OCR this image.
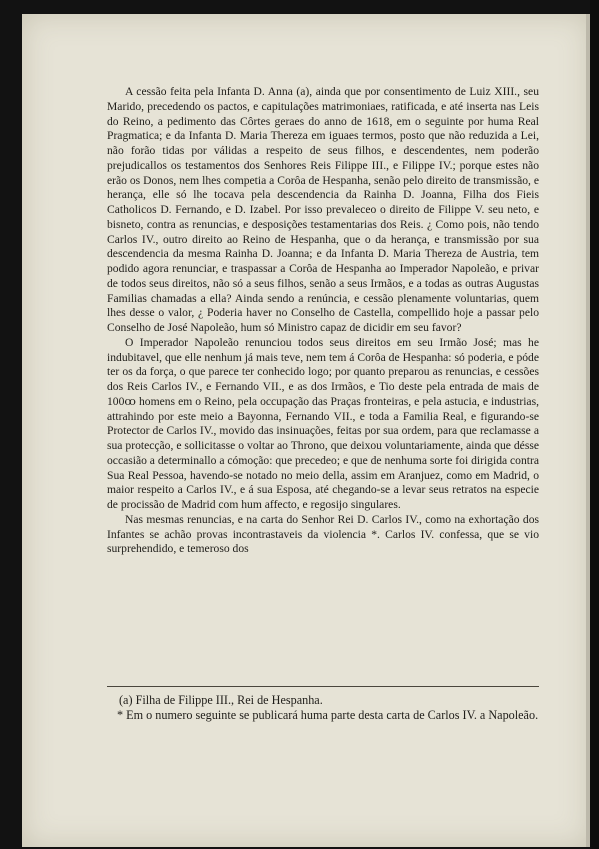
A cessão feita pela Infanta D. Anna (a), ainda que por consentimento de Luiz XIII., seu Marido, precedendo os pactos, e capitulações matrimoniaes, ratificada, e até inserta nas Leis do Reino, a pedimento das Côrtes geraes do anno de 1618, em o seguinte por huma Real Pragmatica; e da Infanta D. Maria Thereza em iguaes termos, posto que não reduzida a Lei, não forão tidas por válidas a respeito de seus filhos, e descendentes, nem poderão prejudicallos os testamentos dos Senhores Reis Filippe III., e Filippe IV.; porque estes não erão os Donos, nem lhes competia a Corôa de Hespanha, senão pelo direito de transmissão, e herança, elle só lhe tocava pela descendencia da Rainha D. Joanna, Filha dos Fieis Catholicos D. Fernando, e D. Izabel. Por isso prevaleceo o direito de Filippe V. seu neto, e bisneto, contra as renuncias, e desposições testamentarias dos Reis. ¿ Como pois, não tendo Carlos IV., outro direito ao Reino de Hespanha, que o da herança, e transmissão por sua descendencia da mesma Rainha D. Joanna; e da Infanta D. Maria Thereza de Austria, tem podido agora renunciar, e traspassar a Corôa de Hespanha ao Imperador Napoleão, e privar de todos seus direitos, não só a seus filhos, senão a seus Irmãos, e a todas as outras Augustas Familias chamadas a ella? Ainda sendo a renúncia, e cessão plenamente voluntarias, quem lhes desse o valor, ¿ Poderia haver no Conselho de Castella, compellido hoje a passar pelo Conselho de José Napoleão, hum só Ministro capaz de dicidir em seu favor?

O Imperador Napoleão renunciou todos seus direitos em seu Irmão José; mas he indubitavel, que elle nenhum já mais teve, nem tem á Corôa de Hespanha: só poderia, e póde ter os da força, o que parece ter conhecido logo; por quanto preparou as renuncias, e cessões dos Reis Carlos IV., e Fernando VII., e as dos Irmãos, e Tio deste pela entrada de mais de 100ꝏ homens em o Reino, pela occupação das Praças fronteiras, e pela astucia, e industrias, attrahindo por este meio a Bayonna, Fernando VII., e toda a Familia Real, e figurando-se Protector de Carlos IV., movido das insinuações, feitas por sua ordem, para que reclamasse a sua protecção, e sollicitasse o voltar ao Throno, que deixou voluntariamente, ainda que désse occasião a determinallo a cómoção: que precedeo; e que de nenhuma sorte foi dirigida contra Sua Real Pessoa, havendo-se notado no meio della, assim em Aranjuez, como em Madrid, o maior respeito a Carlos IV., e á sua Esposa, até chegando-se a levar seus retratos na especie de procissão de Madrid com hum affecto, e regosijo singulares.

Nas mesmas renuncias, e na carta do Senhor Rei D. Carlos IV., como na exhortação dos Infantes se achão provas incontrastaveis da violencia *. Carlos IV. confessa, que se vio surprehendido, e temeroso dos

(a) Filha de Filippe III., Rei de Hespanha.

* Em o numero seguinte se publicará huma parte desta carta de Carlos IV. a Napoleão.
